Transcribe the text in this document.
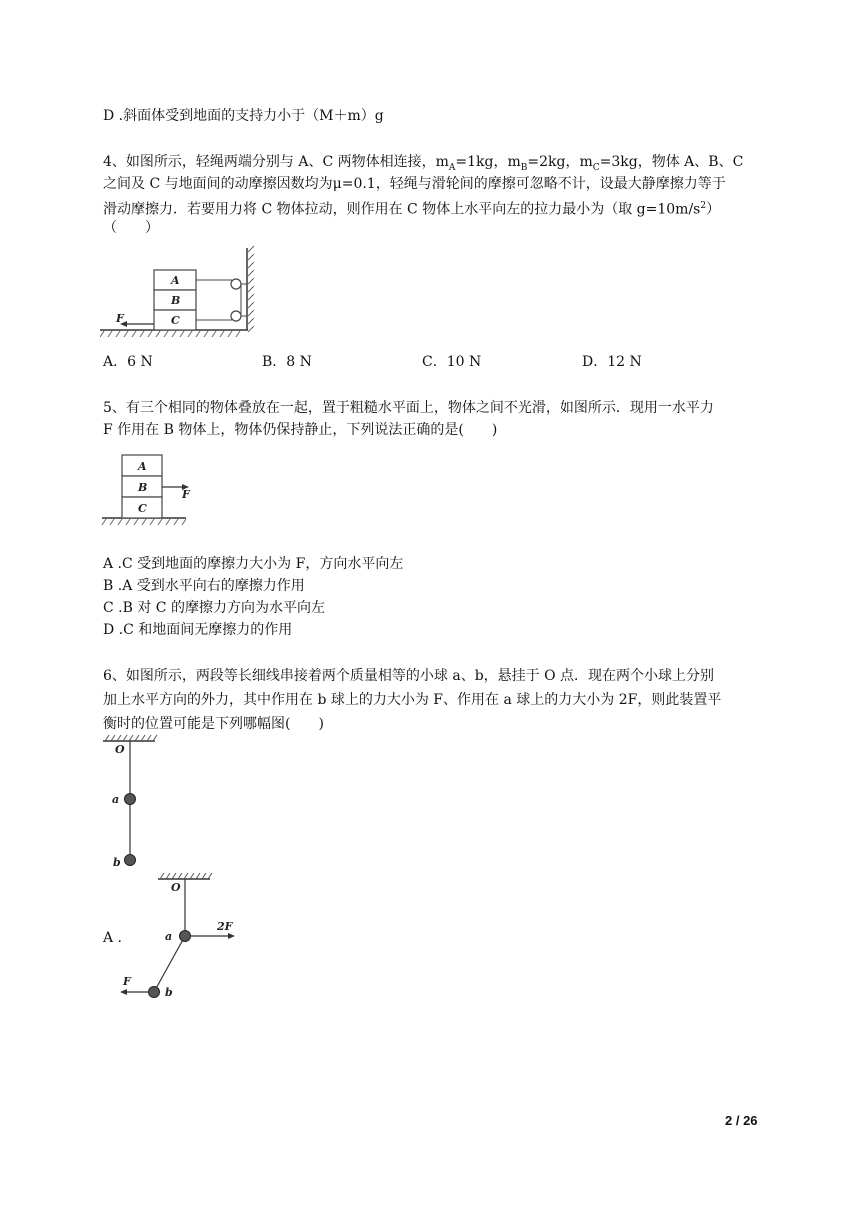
D .斜面体受到地面的支持力小于（M＋m）g
4、如图所示，轻绳两端分别与 A、C 两物体相连接，$m_A=1kg$，$m_B=2kg$，$m_C=3kg$，物体 A、B、C
之间及 C 与地面间的动摩擦因数均为μ=0.1，轻绳与滑轮间的摩擦可忽略不计，设最大静摩擦力等于
滑动摩擦力．若要用力将 C 物体拉动，则作用在 C 物体上水平向左的拉力最小为（取 $g=10m/s^2$）
（　　）
A
B
C
F
A．6 N	B．8 N	C．10 N	D．12 N
5、有三个相同的物体叠放在一起，置于粗糙水平面上，物体之间不光滑，如图所示．现用一水平力
F 作用在 B 物体上，物体仍保持静止，下列说法正确的是(　　)
A
B
C
F
A .C 受到地面的摩擦力大小为 F，方向水平向左
B .A 受到水平向右的摩擦力作用
C .B 对 C 的摩擦力方向为水平向左
D .C 和地面间无摩擦力的作用
6、如图所示，两段等长细线串接着两个质量相等的小球 a、b，悬挂于 O 点．现在两个小球上分别
加上水平方向的外力，其中作用在 b 球上的力大小为 F、作用在 a 球上的力大小为 2F，则此装置平
衡时的位置可能是下列哪幅图(　　)
O
a
b
A .
O
a
2F
F
b
2 / 26
